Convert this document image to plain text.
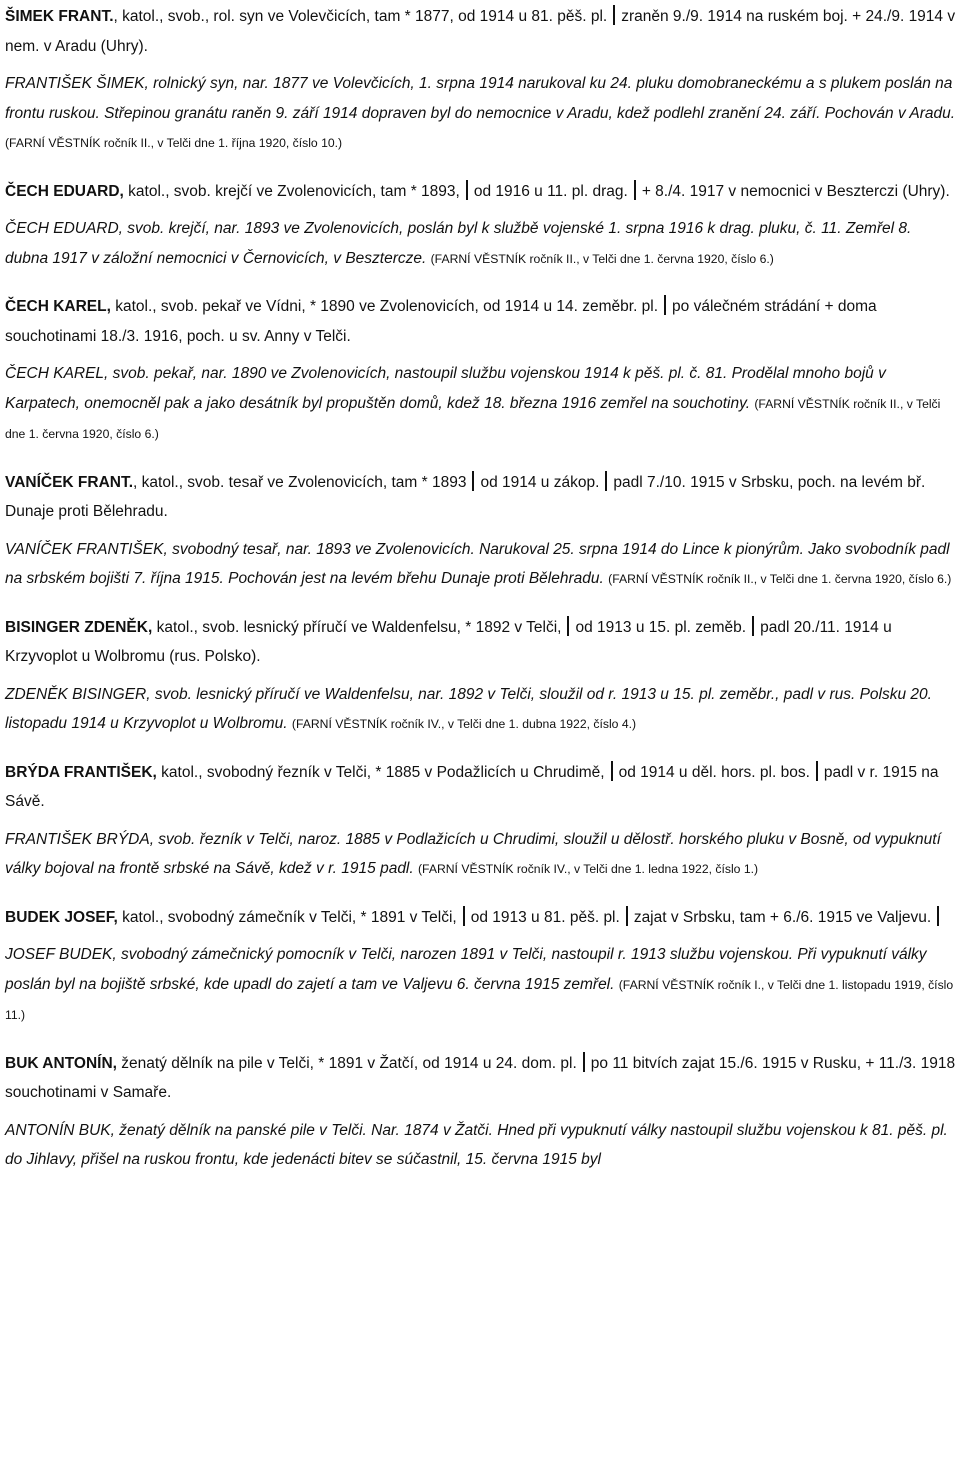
ŠIMEK FRANT., katol., svob., rol. syn ve Volevčicích, tam * 1877, od 1914 u 81. pěš. pl. zraněn 9./9. 1914 na ruském boj. + 24./9. 1914 v nem. v Aradu (Uhry).

FRANTIŠEK ŠIMEK, rolnický syn, nar. 1877 ve Volevčicích, 1. srpna 1914 narukoval ku 24. pluku domobraneckému a s plukem poslán na frontu ruskou. Střepinou granátu raněn 9. září 1914 dopraven byl do nemocnice v Aradu, kdež podlehl zranění 24. září. Pochován v Aradu. (FARNÍ VĚSTNÍK ročník II., v Telči dne 1. října 1920, číslo 10.)

ČECH EDUARD, katol., svob. krejčí ve Zvolenovicích, tam * 1893, od 1916 u 11. pl. drag. + 8./4. 1917 v nemocnici v Beszterczi (Uhry).

ČECH EDUARD, svob. krejčí, nar. 1893 ve Zvolenovicích, poslán byl k službě vojenské 1. srpna 1916 k drag. pluku, č. 11. Zemřel 8. dubna 1917 v záložní nemocnici v Černovicích, v Besztercze. (FARNÍ VĚSTNÍK ročník II., v Telči dne 1. června 1920, číslo 6.)

ČECH KAREL, katol., svob. pekař ve Vídni, * 1890 ve Zvolenovicích, od 1914 u 14. zeměbr. pl. po válečném strádání + doma souchotinami 18./3. 1916, poch. u sv. Anny v Telči.

ČECH KAREL, svob. pekař, nar. 1890 ve Zvolenovicích, nastoupil službu vojenskou 1914 k pěš. pl. č. 81. Prodělal mnoho bojů v Karpatech, onemocněl pak a jako desátník byl propuštěn domů, kdež 18. března 1916 zemřel na souchotiny. (FARNÍ VĚSTNÍK ročník II., v Telči dne 1. června 1920, číslo 6.)

VANÍČEK FRANT., katol., svob. tesař ve Zvolenovicích, tam * 1893 od 1914 u zákop. padl 7./10. 1915 v Srbsku, poch. na levém bř. Dunaje proti Bělehradu.

VANÍČEK FRANTIŠEK, svobodný tesař, nar. 1893 ve Zvolenovicích. Narukoval 25. srpna 1914 do Lince k pionýrům. Jako svobodník padl na srbském bojišti 7. října 1915. Pochován jest na levém břehu Dunaje proti Bělehradu. (FARNÍ VĚSTNÍK ročník II., v Telči dne 1. června 1920, číslo 6.)

BISINGER ZDENĚK, katol., svob. lesnický příručí ve Waldenfelsu, * 1892 v Telči, od 1913 u 15. pl. zeměb. padl 20./11. 1914 u Krzyvoplot u Wolbromu (rus. Polsko).

ZDENĚK BISINGER, svob. lesnický příručí ve Waldenfelsu, nar. 1892 v Telči, sloužil od r. 1913 u 15. pl. zeměbr., padl v rus. Polsku 20. listopadu 1914 u Krzyvoplot u Wolbromu. (FARNÍ VĚSTNÍK ročník IV., v Telči dne 1. dubna 1922, číslo 4.)

BRÝDA FRANTIŠEK, katol., svobodný řezník v Telči, * 1885 v Podažlicích u Chrudimě, od 1914 u děl. hors. pl. bos. padl v r. 1915 na Sávě.

FRANTIŠEK BRÝDA, svob. řezník v Telči, naroz. 1885 v Podlažicích u Chrudimi, sloužil u dělostř. horského pluku v Bosně, od vypuknutí války bojoval na frontě srbské na Sávě, kdež v r. 1915 padl. (FARNÍ VĚSTNÍK ročník IV., v Telči dne 1. ledna 1922, číslo 1.)

BUDEK JOSEF, katol., svobodný zámečník v Telči, * 1891 v Telči, od 1913 u 81. pěš. pl. zajat v Srbsku, tam + 6./6. 1915 ve Valjevu.

JOSEF BUDEK, svobodný zámečnický pomocník v Telči, narozen 1891 v Telči, nastoupil r. 1913 službu vojenskou. Při vypuknutí války poslán byl na bojiště srbské, kde upadl do zajetí a tam ve Valjevu 6. června 1915 zemřel. (FARNÍ VĚSTNÍK ročník I., v Telči dne 1. listopadu 1919, číslo 11.)

BUK ANTONÍN, ženatý dělník na pile v Telči, * 1891 v Žatčí, od 1914 u 24. dom. pl. po 11 bitvích zajat 15./6. 1915 v Rusku, + 11./3. 1918 souchotinami v Samaře.

ANTONÍN BUK, ženatý dělník na panské pile v Telči. Nar. 1874 v Žatči. Hned při vypuknutí války nastoupil službu vojenskou k 81. pěš. pl. do Jihlavy, přišel na ruskou frontu, kde jedenácti bitev se súčastnil, 15. června 1915 byl
